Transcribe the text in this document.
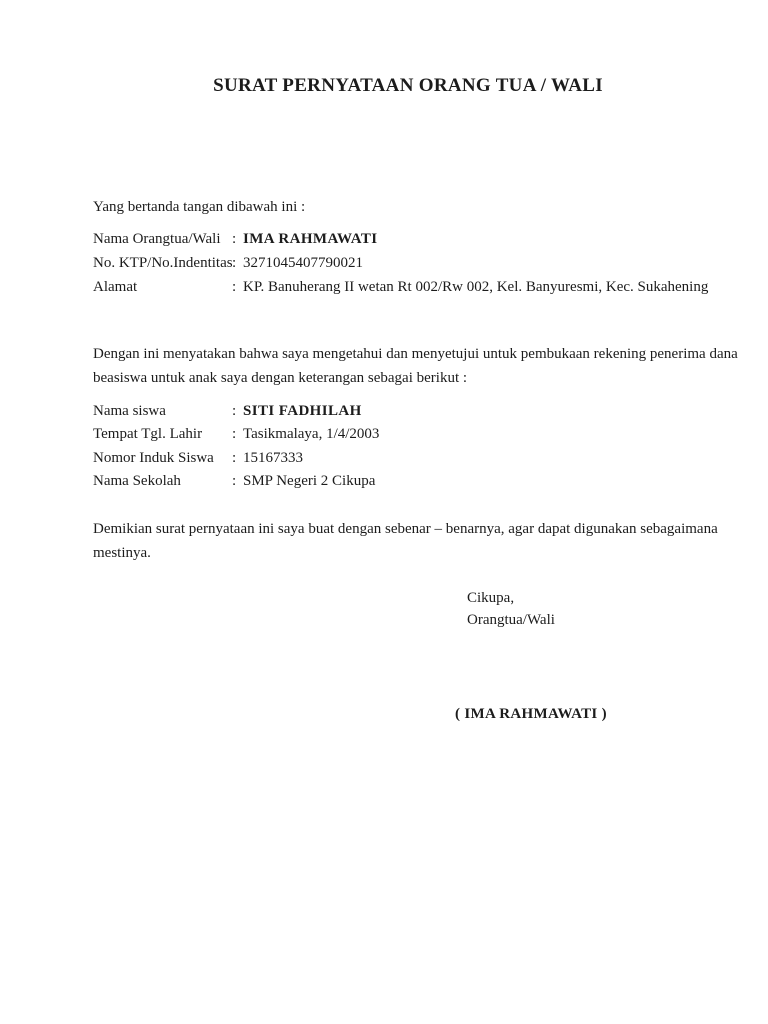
SURAT PERNYATAAN ORANG TUA / WALI
Yang bertanda tangan dibawah ini :
Nama Orangtua/Wali : IMA RAHMAWATI
No. KTP/No.Indentitas : 3271045407790021
Alamat	: KP. Banuherang II wetan Rt 002/Rw 002, Kel. Banyuresmi, Kec. Sukahening
Dengan ini menyatakan bahwa saya mengetahui dan menyetujui untuk pembukaan rekening penerima dana
beasiswa untuk anak saya dengan keterangan sebagai berikut :
Nama siswa	: SITI FADHILAH
Tempat Tgl. Lahir	: Tasikmalaya, 1/4/2003
Nomor Induk Siswa	: 15167333
Nama Sekolah	: SMP Negeri 2 Cikupa
Demikian surat pernyataan ini saya buat dengan sebenar – benarnya, agar dapat digunakan sebagaimana
mestinya.
Cikupa,
Orangtua/Wali
( IMA RAHMAWATI )
